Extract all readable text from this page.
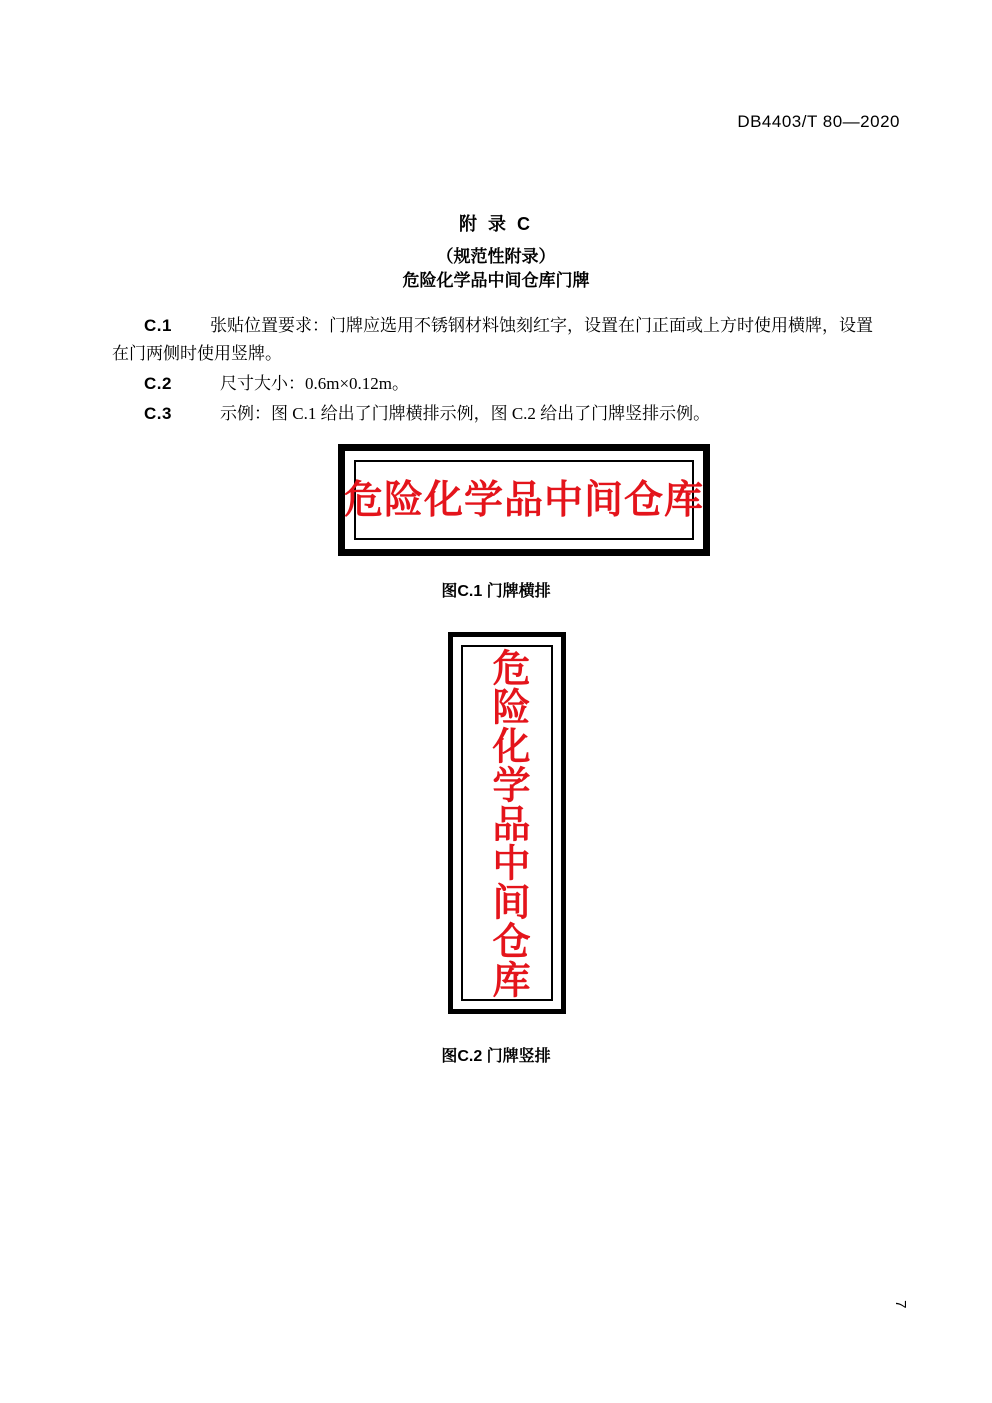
DB4403/T 80—2020
附 录 C
（规范性附录）
危险化学品中间仓库门牌
C.1 张贴位置要求：门牌应选用不锈钢材料蚀刻红字，设置在门正面或上方时使用横牌，设置在门两侧时使用竖牌。
C.2	尺寸大小：0.6m×0.12m。
C.3	示例：图 C.1 给出了门牌横排示例，图 C.2 给出了门牌竖排示例。
危险化学品中间仓库
图C.1 门牌横排
危险化学品中间仓库
图C.2 门牌竖排
7
